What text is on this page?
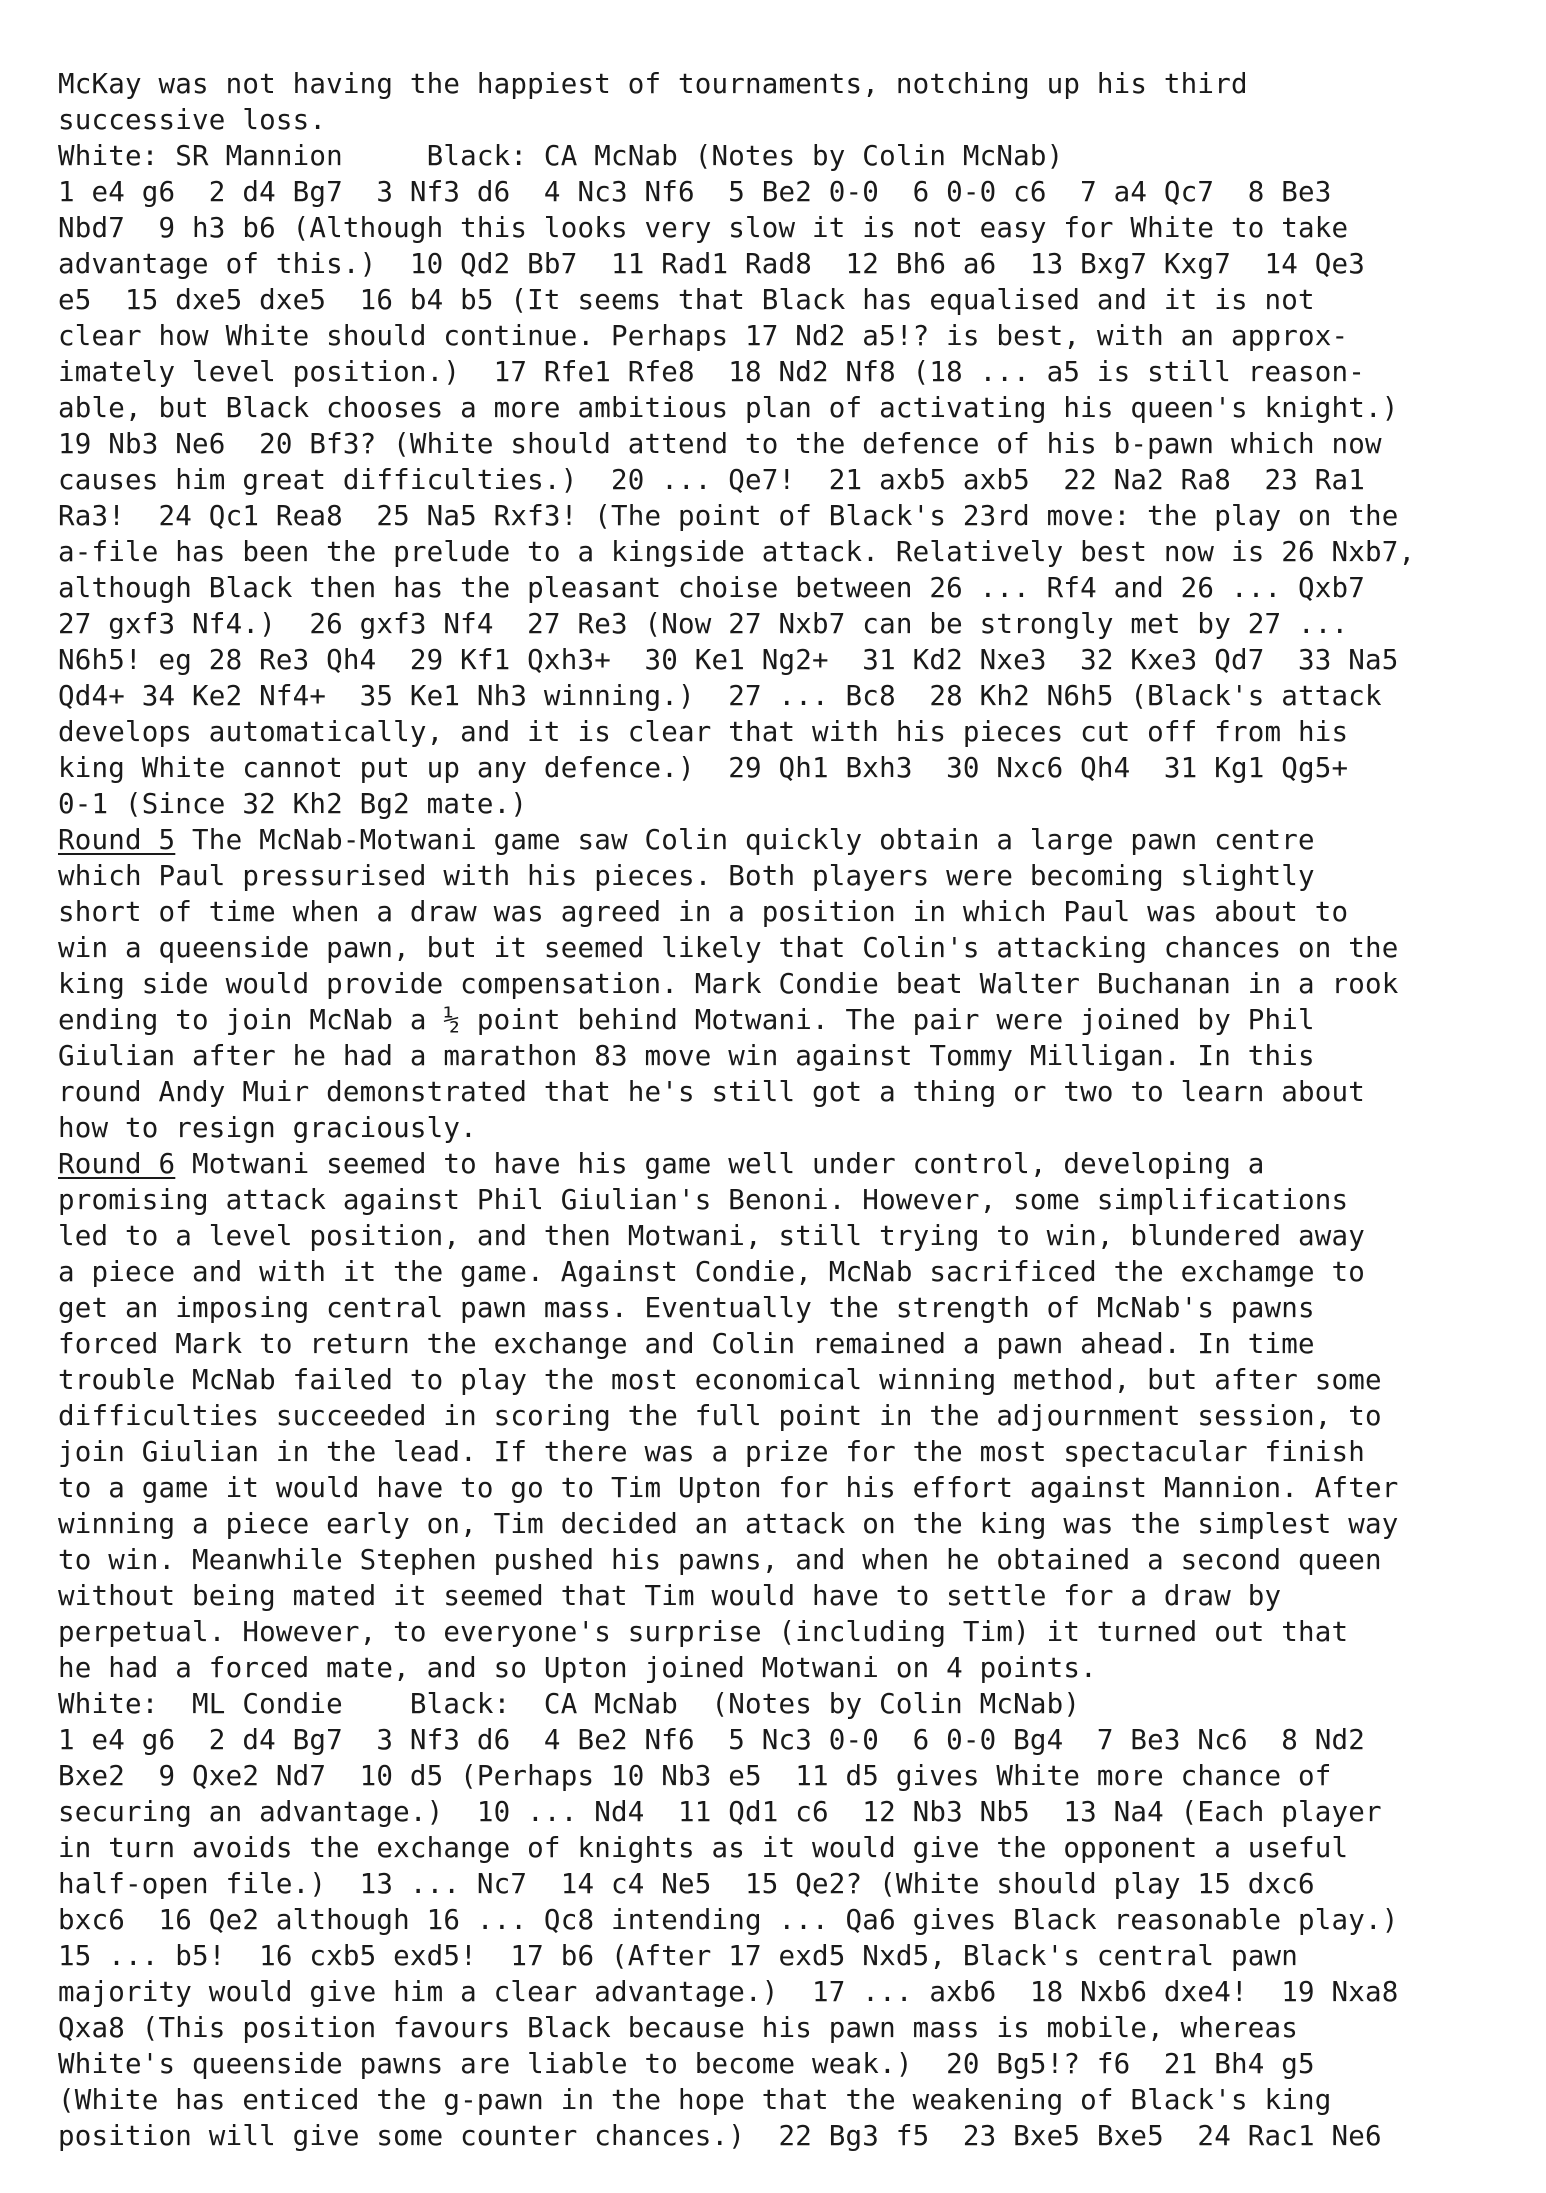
McKay was not having the happiest of tournaments, notching up his third
successive loss.
White: SR Mannion     Black: CA McNab (Notes by Colin McNab)
1 e4 g6  2 d4 Bg7  3 Nf3 d6  4 Nc3 Nf6  5 Be2 0-0  6 0-0 c6  7 a4 Qc7  8 Be3
Nbd7  9 h3 b6 (Although this looks very slow it is not easy for White to take
advantage of this.)  10 Qd2 Bb7  11 Rad1 Rad8  12 Bh6 a6  13 Bxg7 Kxg7  14 Qe3
e5  15 dxe5 dxe5  16 b4 b5 (It seems that Black has equalised and it is not
clear how White should continue. Perhaps 17 Nd2 a5!? is best, with an approx-
imately level position.)  17 Rfe1 Rfe8  18 Nd2 Nf8 (18 ... a5 is still reason-
able, but Black chooses a more ambitious plan of activating his queen's knight.)
19 Nb3 Ne6  20 Bf3? (White should attend to the defence of his b-pawn which now
causes him great difficulties.)  20 ... Qe7!  21 axb5 axb5  22 Na2 Ra8  23 Ra1
Ra3!  24 Qc1 Rea8  25 Na5 Rxf3! (The point of Black's 23rd move: the play on the
a-file has been the prelude to a kingside attack. Relatively best now is 26 Nxb7,
although Black then has the pleasant choise between 26 ... Rf4 and 26 ... Qxb7
27 gxf3 Nf4.)  26 gxf3 Nf4  27 Re3 (Now 27 Nxb7 can be strongly met by 27 ...
N6h5! eg 28 Re3 Qh4  29 Kf1 Qxh3+  30 Ke1 Ng2+  31 Kd2 Nxe3  32 Kxe3 Qd7  33 Na5
Qd4+ 34 Ke2 Nf4+  35 Ke1 Nh3 winning.)  27 ... Bc8  28 Kh2 N6h5 (Black's attack
develops automatically, and it is clear that with his pieces cut off from his
king White cannot put up any defence.)  29 Qh1 Bxh3  30 Nxc6 Qh4  31 Kg1 Qg5+
0-1 (Since 32 Kh2 Bg2 mate.)
Round 5 The McNab-Motwani game saw Colin quickly obtain a large pawn centre
which Paul pressurised with his pieces. Both players were becoming slightly
short of time when a draw was agreed in a position in which Paul was about to
win a queenside pawn, but it seemed likely that Colin's attacking chances on the
king side would provide compensation. Mark Condie beat Walter Buchanan in a rook
ending to join McNab a ½ point behind Motwani. The pair were joined by Phil
Giulian after he had a marathon 83 move win against Tommy Milligan. In this
round Andy Muir demonstrated that he's still got a thing or two to learn about
how to resign graciously.
Round 6 Motwani seemed to have his game well under control, developing a
promising attack against Phil Giulian's Benoni. However, some simplifications
led to a level position, and then Motwani, still trying to win, blundered away
a piece and with it the game. Against Condie, McNab sacrificed the exchamge to
get an imposing central pawn mass. Eventually the strength of McNab's pawns
forced Mark to return the exchange and Colin remained a pawn ahead. In time
trouble McNab failed to play the most economical winning method, but after some
difficulties succeeded in scoring the full point in the adjournment session, to
join Giulian in the lead. If there was a prize for the most spectacular finish
to a game it would have to go to Tim Upton for his effort against Mannion. After
winning a piece early on, Tim decided an attack on the king was the simplest way
to win. Meanwhile Stephen pushed his pawns, and when he obtained a second queen
without being mated it seemed that Tim would have to settle for a draw by
perpetual. However, to everyone's surprise (including Tim) it turned out that
he had a forced mate, and so Upton joined Motwani on 4 points.
White:  ML Condie    Black:  CA McNab  (Notes by Colin McNab)
1 e4 g6  2 d4 Bg7  3 Nf3 d6  4 Be2 Nf6  5 Nc3 0-0  6 0-0 Bg4  7 Be3 Nc6  8 Nd2
Bxe2  9 Qxe2 Nd7  10 d5 (Perhaps 10 Nb3 e5  11 d5 gives White more chance of
securing an advantage.)  10 ... Nd4  11 Qd1 c6  12 Nb3 Nb5  13 Na4 (Each player
in turn avoids the exchange of knights as it would give the opponent a useful
half-open file.)  13 ... Nc7  14 c4 Ne5  15 Qe2? (White should play 15 dxc6
bxc6  16 Qe2 although 16 ... Qc8 intending ... Qa6 gives Black reasonable play.)
15 ... b5!  16 cxb5 exd5!  17 b6 (After 17 exd5 Nxd5, Black's central pawn
majority would give him a clear advantage.)  17 ... axb6  18 Nxb6 dxe4!  19 Nxa8
Qxa8 (This position favours Black because his pawn mass is mobile, whereas
White's queenside pawns are liable to become weak.)  20 Bg5!? f6  21 Bh4 g5
(White has enticed the g-pawn in the hope that the weakening of Black's king
position will give some counter chances.)  22 Bg3 f5  23 Bxe5 Bxe5  24 Rac1 Ne6
